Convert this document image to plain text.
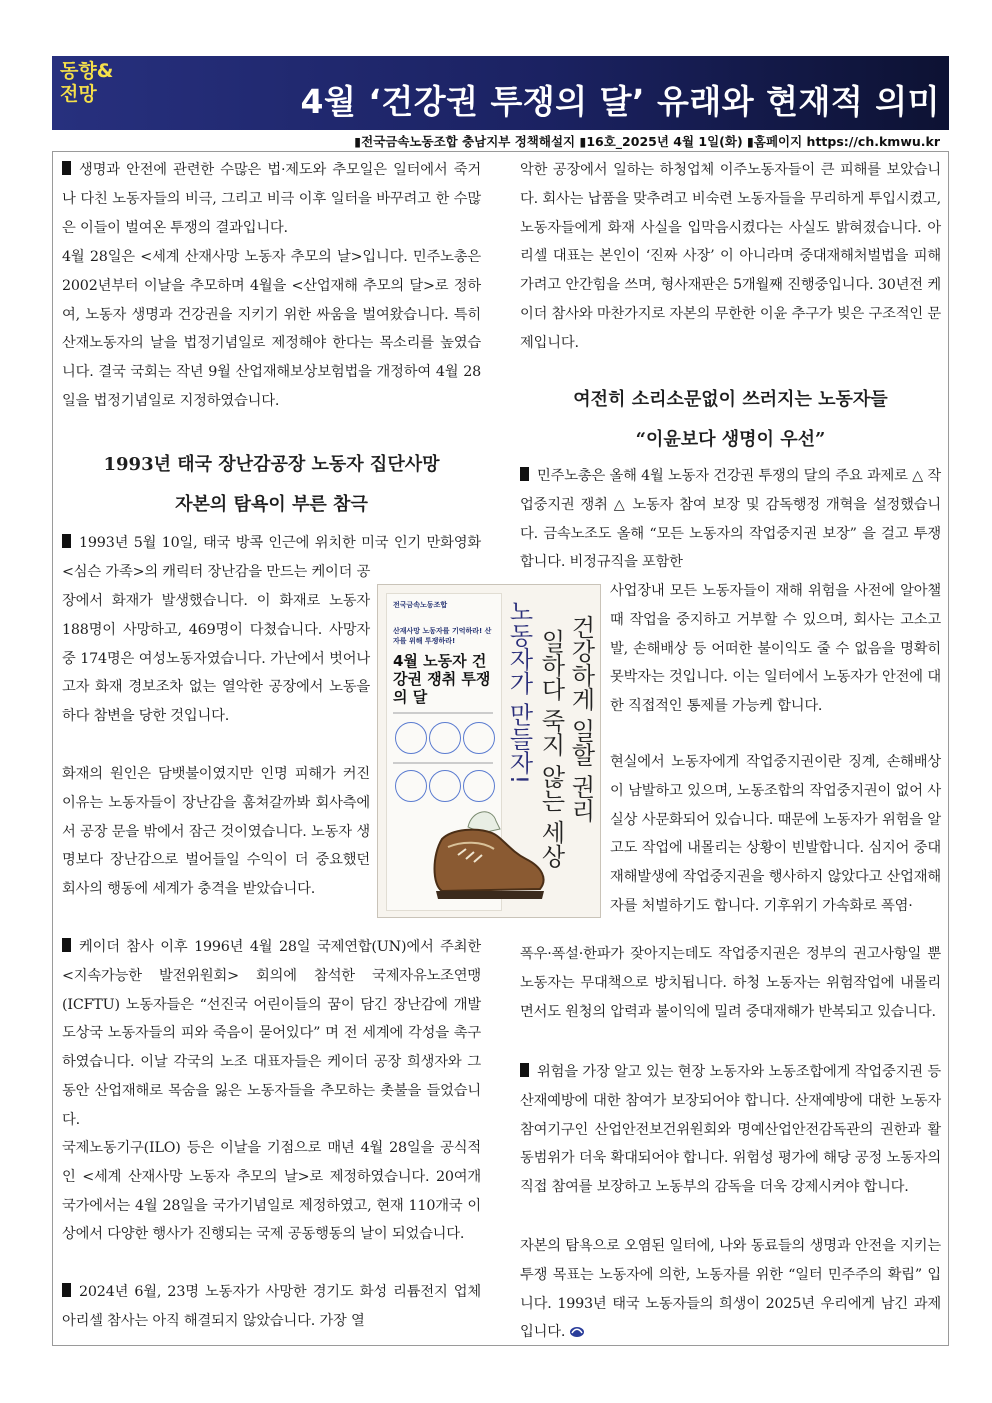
동향&
전망	4월 ‘건강권 투쟁의 달’ 유래와 현재적 의미
▮전국금속노동조합 충남지부 정책해설지 ▮16호_2025년 4월 1일(화) ▮홈페이지 https://ch.kmwu.kr

생명과 안전에 관련한 수많은 법·제도와 추모일은 일터에서 죽거나 다친 노동자들의 비극, 그리고 비극 이후 일터을 바꾸려고 한 수많은 이들이 벌여온 투쟁의 결과입니다.

4월 28일은 <세계 산재사망 노동자 추모의 날>입니다. 민주노총은 2002년부터 이날을 추모하며 4월을 <산업재해 추모의 달>로 정하여, 노동자 생명과 건강권을 지키기 위한 싸움을 벌여왔습니다. 특히 산재노동자의 날을 법정기념일로 제정해야 한다는 목소리를 높였습니다. 결국 국회는 작년 9월 산업재해보상보험법을 개정하여 4월 28일을 법정기념일로 지정하였습니다.

1993년 태국 장난감공장 노동자 집단사망

자본의 탐욕이 부른 참극

1993년 5월 10일, 태국 방콕 인근에 위치한 미국 인기 만화영화 <심슨 가족>의 캐릭터 장난감을 만드는 케이더 공

장에서 화재가 발생했습니다. 이 화재로 노동자 188명이 사망하고, 469명이 다쳤습니다. 사망자중 174명은 여성노동자였습니다. 가난에서 벗어나고자 화재 경보조차 없는 열악한 공장에서 노동을 하다 참변을 당한 것입니다.

화재의 원인은 담뱃불이였지만 인명 피해가 커진 이유는 노동자들이 장난감을 훔쳐갈까봐 회사측에서 공장 문을 밖에서 잠근 것이였습니다. 노동자 생명보다 장난감으로 벌어들일 수익이 더 중요했던 회사의 행동에 세계가 충격을 받았습니다.

케이더 참사 이후 1996년 4월 28일 국제연합(UN)에서 주최한 <지속가능한 발전위원회> 회의에 참석한 국제자유노조연맹(ICFTU) 노동자들은 “선진국 어린이들의 꿈이 담긴 장난감에 개발도상국 노동자들의 피와 죽음이 묻어있다” 며 전 세계에 각성을 촉구하였습니다. 이날 각국의 노조 대표자들은 케이더 공장 희생자와 그동안 산업재해로 목숨을 잃은 노동자들을 추모하는 촛불을 들었습니다.

국제노동기구(ILO) 등은 이날을 기점으로 매년 4월 28일을 공식적인 <세계 산재사망 노동자 추모의 날>로 제정하였습니다. 20여개 국가에서는 4월 28일을 국가기념일로 제정하였고, 현재 110개국 이상에서 다양한 행사가 진행되는 국제 공동행동의 날이 되었습니다.

2024년 6월, 23명 노동자가 사망한 경기도 화성 리튬전지 업체 아리셀 참사는 아직 해결되지 않았습니다. 가장 열

전국금속노동조합
산재사망 노동자를 기억하라! 산자를 위해 투쟁하라!
4월 노동자 건강권 쟁취 투쟁의 달	건강하게 일할 권리
일하다 죽지 않는 세상
노동자가 만들자!

악한 공장에서 일하는 하청업체 이주노동자들이 큰 피해를 보았습니다. 회사는 납품을 맞추려고 비숙련 노동자들을 무리하게 투입시켰고, 노동자들에게 화재 사실을 입막음시켰다는 사실도 밝혀졌습니다. 아리셀 대표는 본인이 ‘진짜 사장’ 이 아니라며 중대재해처벌법을 피해가려고 안간힘을 쓰며, 형사재판은 5개월째 진행중입니다. 30년전 케이더 참사와 마찬가지로 자본의 무한한 이윤 추구가 빚은 구조적인 문제입니다.

여전히 소리소문없이 쓰러지는 노동자들

“이윤보다 생명이 우선”

민주노총은 올해 4월 노동자 건강권 투쟁의 달의 주요 과제로 △ 작업중지권 쟁취 △ 노동자 참여 보장 및 감독행정 개혁을 설정했습니다. 금속노조도 올해 “모든 노동자의 작업중지권 보장” 을 걸고 투쟁합니다. 비정규직을 포함한

사업장내 모든 노동자들이 재해 위험을 사전에 알아챌 때 작업을 중지하고 거부할 수 있으며, 회사는 고소고발, 손해배상 등 어떠한 불이익도 줄 수 없음을 명확히 못박자는 것입니다. 이는 일터에서 노동자가 안전에 대한 직접적인 통제를 가능케 합니다.

현실에서 노동자에게 작업중지권이란 징계, 손해배상이 남발하고 있으며, 노동조합의 작업중지권이 없어 사실상 사문화되어 있습니다. 때문에 노동자가 위험을 알고도 작업에 내몰리는 상황이 빈발합니다. 심지어 중대재해발생에 작업중지권을 행사하지 않았다고 산업재해자를 처벌하기도 합니다. 기후위기 가속화로 폭염·

폭우·폭설·한파가 잦아지는데도 작업중지권은 정부의 권고사항일 뿐 노동자는 무대책으로 방치됩니다. 하청 노동자는 위험작업에 내몰리면서도 원청의 압력과 불이익에 밀려 중대재해가 반복되고 있습니다.

위험을 가장 알고 있는 현장 노동자와 노동조합에게 작업중지권 등 산재예방에 대한 참여가 보장되어야 합니다. 산재예방에 대한 노동자 참여기구인 산업안전보건위원회와 명예산업안전감독관의 권한과 활동범위가 더욱 확대되어야 합니다. 위험성 평가에 해당 공정 노동자의 직접 참여를 보장하고 노동부의 감독을 더욱 강제시켜야 합니다.

자본의 탐욕으로 오염된 일터에, 나와 동료들의 생명과 안전을 지키는 투쟁 목표는 노동자에 의한, 노동자를 위한 “일터 민주주의 확립” 입니다. 1993년 태국 노동자들의 희생이 2025년 우리에게 남긴 과제입니다.
